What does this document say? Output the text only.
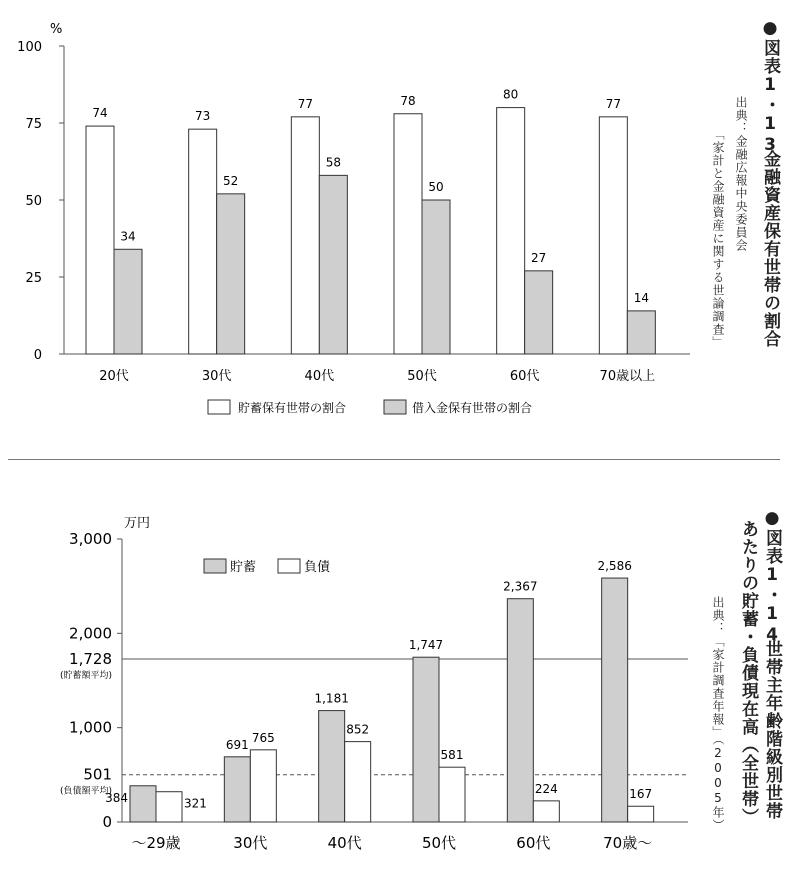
%
0
25
50
75
100
74
34
20代
73
52
30代
77
58
40代
78
50
50代
80
27
60代
77
14
70歳以上
貯蓄保有世帯の割合	借入金保有世帯の割合
万円
0
1,000
2,000
3,000
1,728
(貯蓄額平均)
501
(負債額平均)
384	321
～29歳
691 765
30代
1,181
852
40代
1,747
581
50代
2,367
224
60代
2,586
167
70歳～
貯蓄	負債
●図表1・13
金融資産保有世帯の割合
出典：金融広報中央委員会
「家計と金融資産に関する世論調査」
●図表1・14
世帯主年齢階級別世帯
あたりの貯蓄・負債現在高（全世帯）
出典：「家計調査年報」（2005年）
